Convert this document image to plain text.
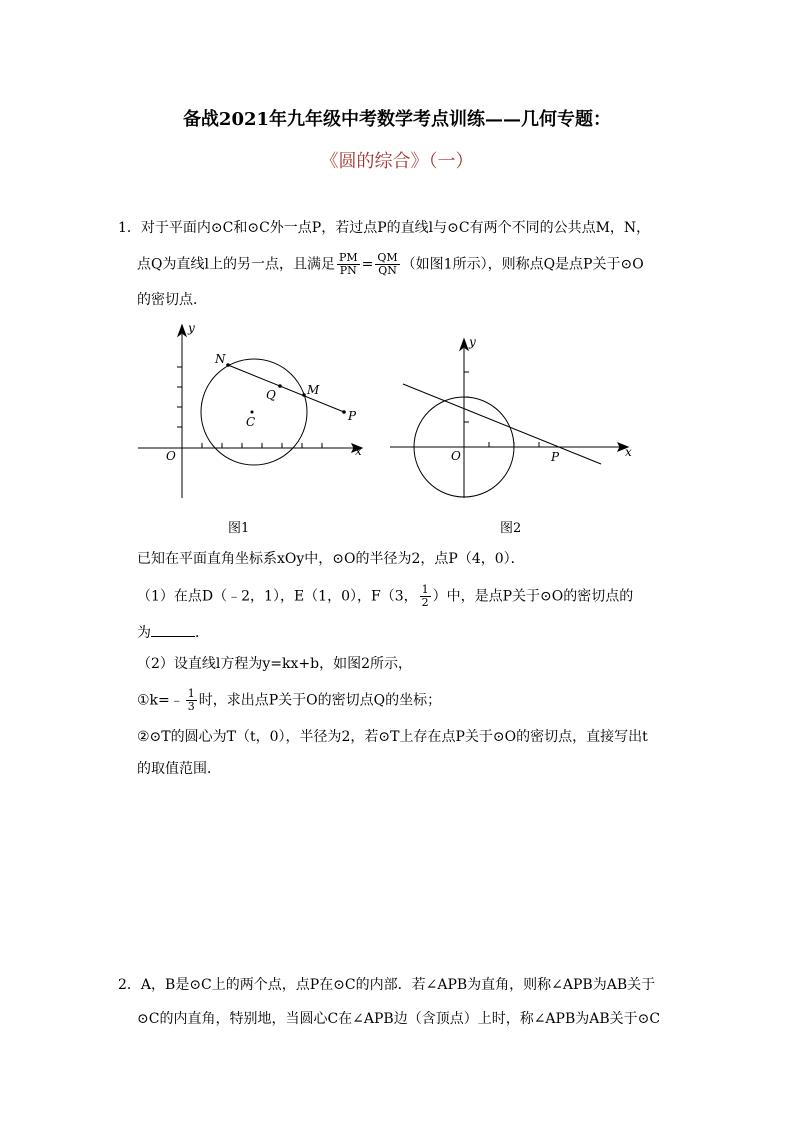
备战2021年九年级中考数学考点训练——几何专题：
《圆的综合》（一）
1．对于平面内⊙C和⊙C外一点P，若过点P的直线l与⊙C有两个不同的公共点M，N，
点Q为直线l上的另一点，且满足 $\frac{PM}{PN} = \frac{QM}{QN}$ （如图1所示），则称点Q是点P关于⊙O
的密切点．
y
x
O
N
M
Q
C	P
y
x
O	P
图1	图2
已知在平面直角坐标系xOy中，⊙O的半径为2，点P（4，0）．
（1）在点D（﹣2，1），E（1，0），F（3， $\frac{1}{2}$ ）中，是点P关于⊙O的密切点的
为	．
（2）设直线l方程为y=kx+b，如图2所示，
①k=﹣ $\frac{1}{3}$ 时，求出点P关于O的密切点Q的坐标；
②⊙T的圆心为T（t，0），半径为2，若⊙T上存在点P关于⊙O的密切点，直接写出t
的取值范围．
2．A，B是⊙C上的两个点，点P在⊙C的内部．若∠APB为直角，则称∠APB为AB关于
⊙C的内直角，特别地，当圆心C在∠APB边（含顶点）上时，称∠APB为AB关于⊙C
